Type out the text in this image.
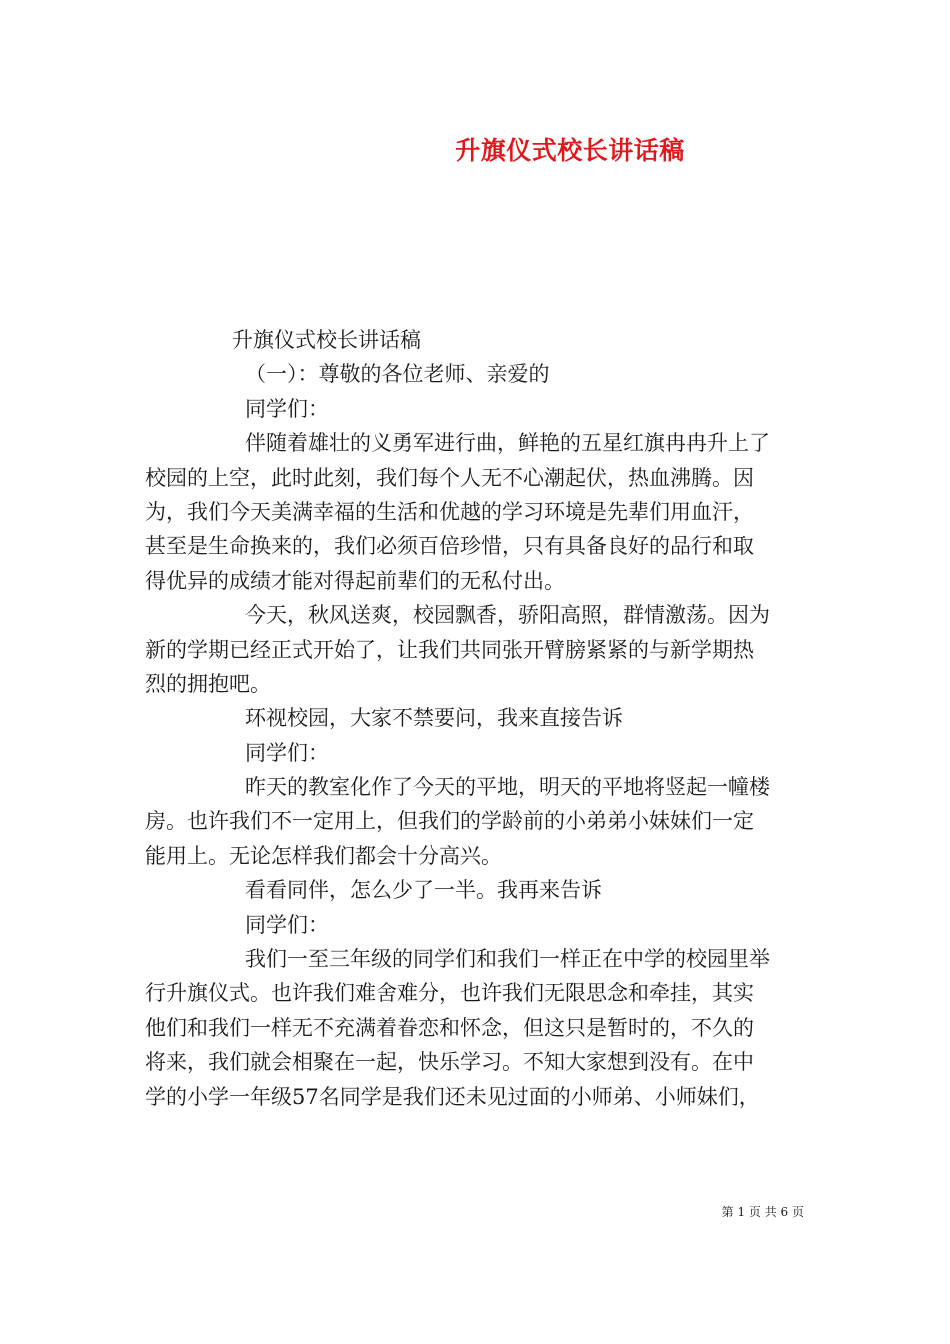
升旗仪式校长讲话稿
升旗仪式校长讲话稿
（一）：尊敬的各位老师、亲爱的
同学们：
伴随着雄壮的义勇军进行曲，鲜艳的五星红旗冉冉升上了
校园的上空，此时此刻，我们每个人无不心潮起伏，热血沸腾。因
为，我们今天美满幸福的生活和优越的学习环境是先辈们用血汗，
甚至是生命换来的，我们必须百倍珍惜，只有具备良好的品行和取
得优异的成绩才能对得起前辈们的无私付出。
今天，秋风送爽，校园飘香，骄阳高照，群情激荡。因为
新的学期已经正式开始了，让我们共同张开臂膀紧紧的与新学期热
烈的拥抱吧。
环视校园，大家不禁要问，我来直接告诉
同学们：
昨天的教室化作了今天的平地，明天的平地将竖起一幢楼
房。也许我们不一定用上，但我们的学龄前的小弟弟小妹妹们一定
能用上。无论怎样我们都会十分高兴。
看看同伴，怎么少了一半。我再来告诉
同学们：
我们一至三年级的同学们和我们一样正在中学的校园里举
行升旗仪式。也许我们难舍难分，也许我们无限思念和牵挂，其实
他们和我们一样无不充满着眷恋和怀念，但这只是暂时的，不久的
将来，我们就会相聚在一起，快乐学习。不知大家想到没有。在中
学的小学一年级57名同学是我们还未见过面的小师弟、小师妹们，
第 1 页 共 6 页
